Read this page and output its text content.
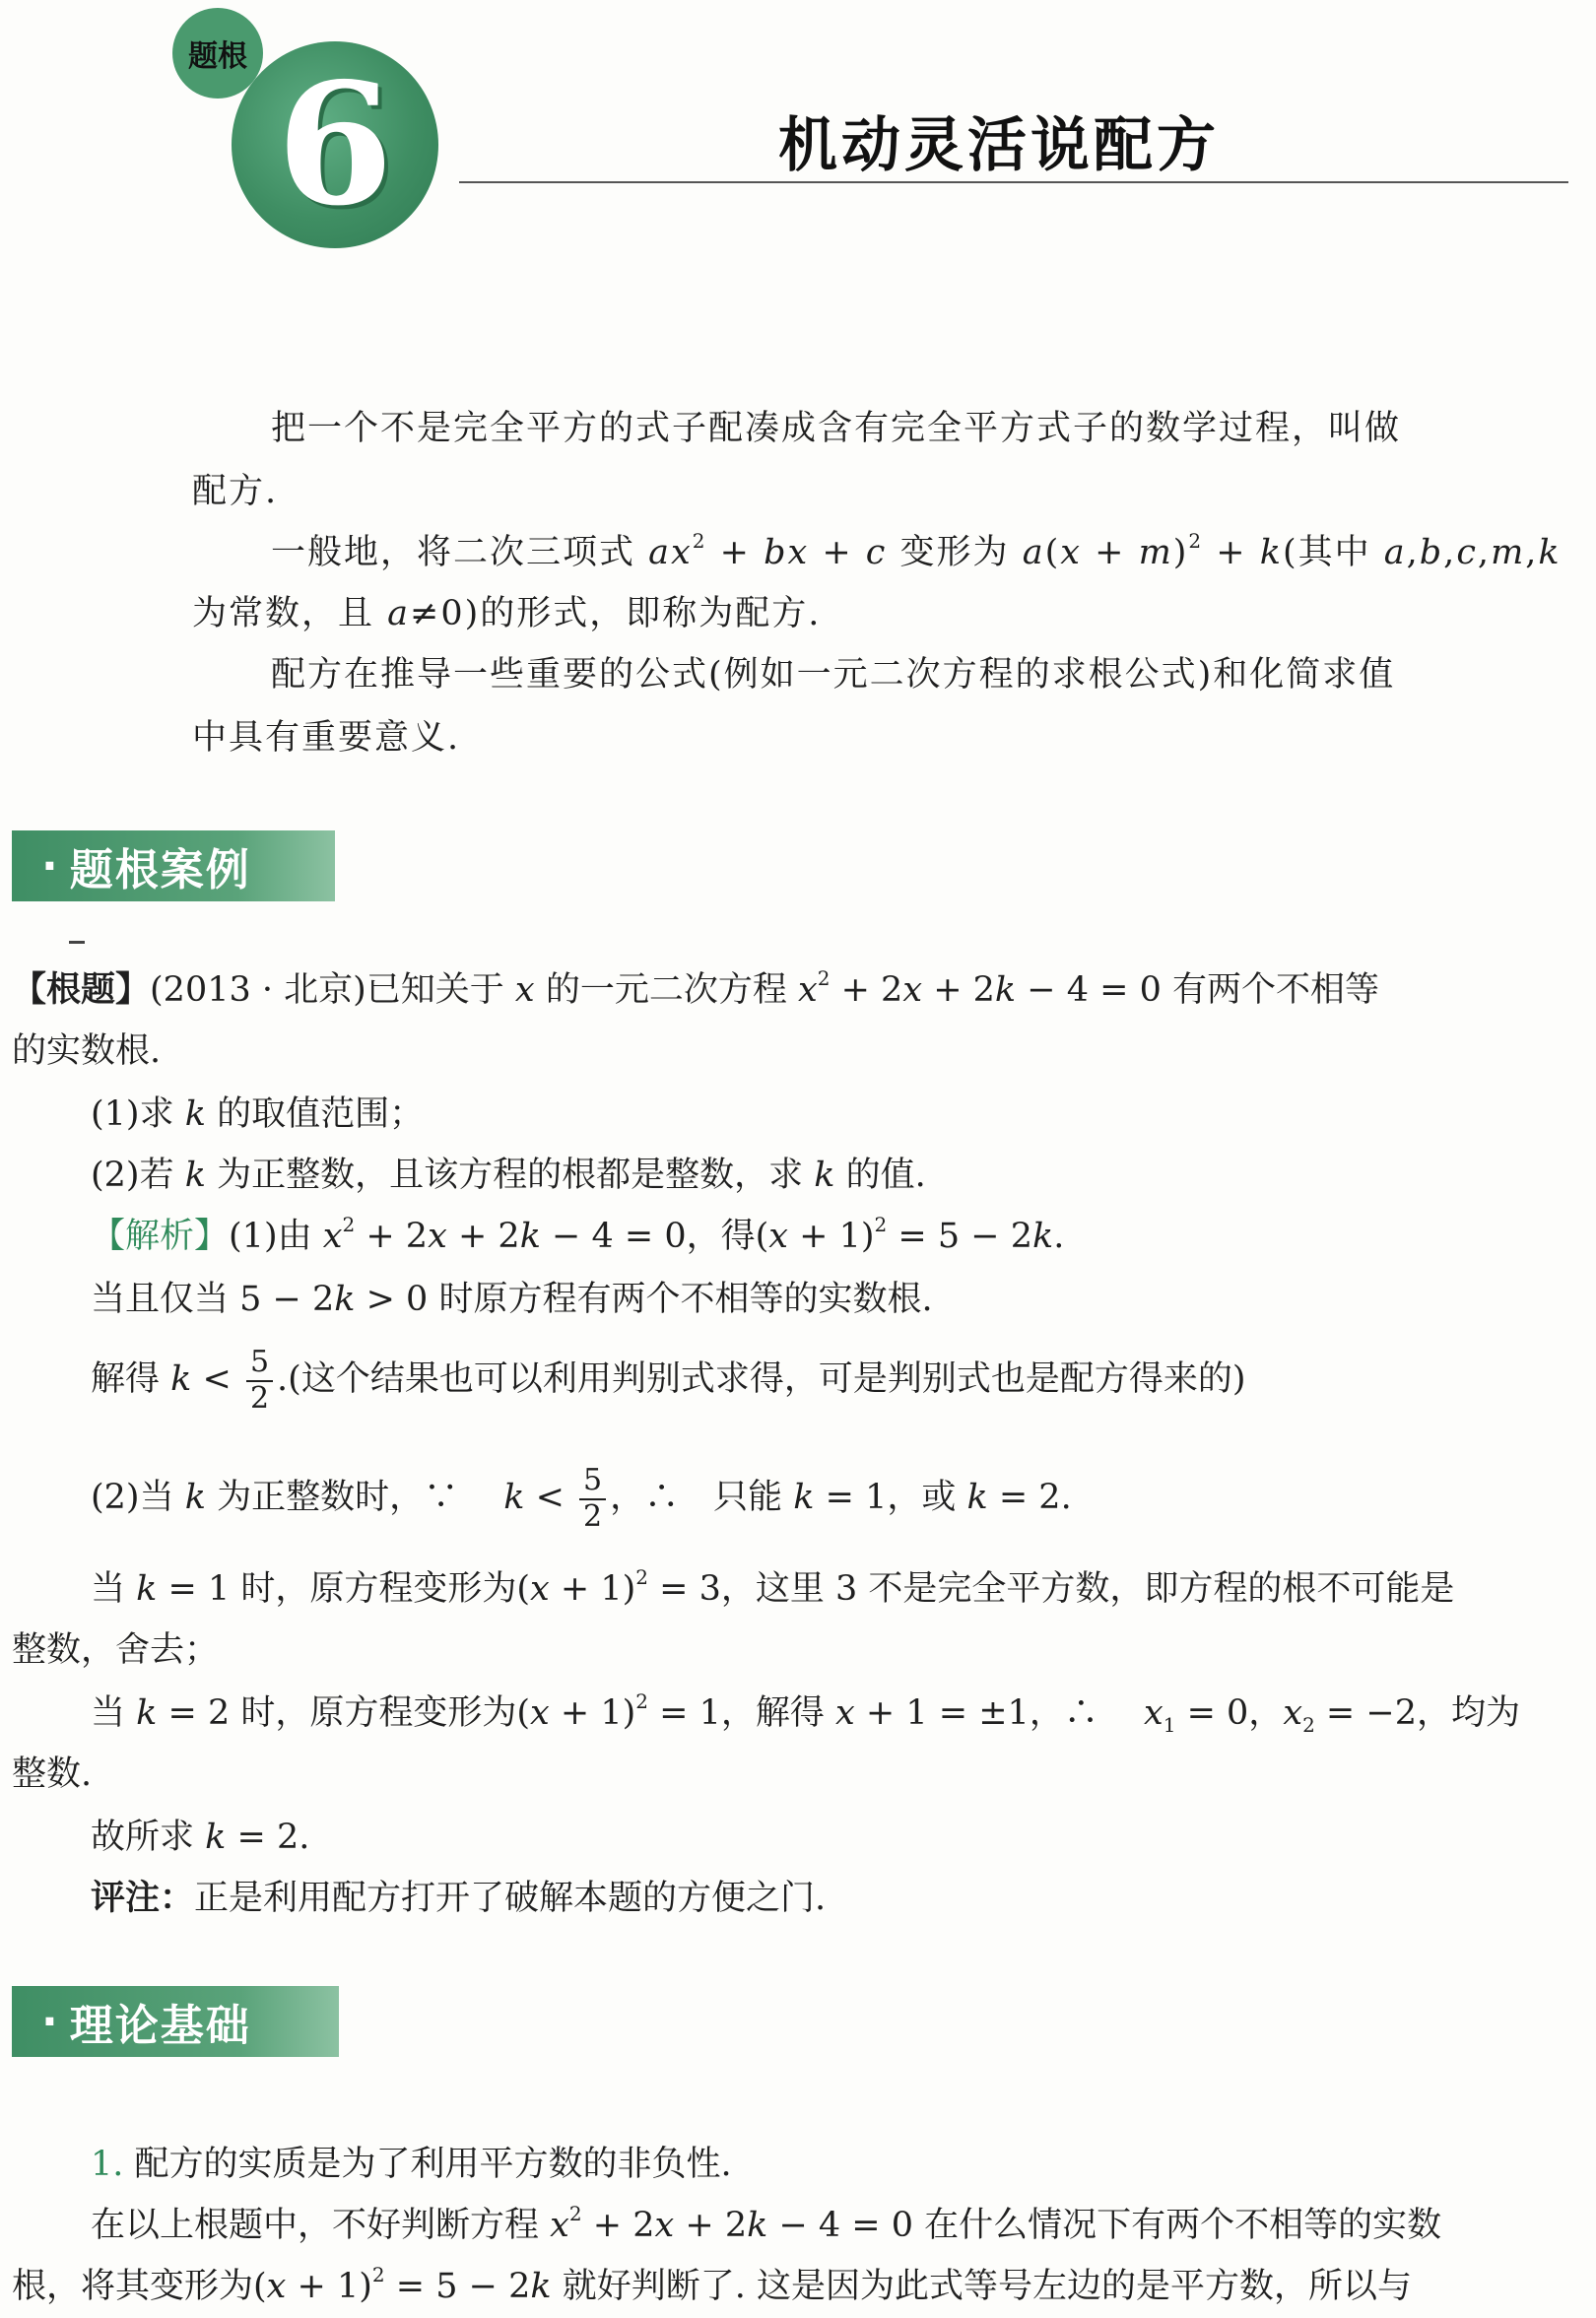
题根 6	机动灵活说配方
把一个不是完全平方的式子配凑成含有完全平方式子的数学过程，叫做
配方.
一般地，将二次三项式 $ax^2$ + bx + c 变形为 $a(x + m)^2 + k$(其中 a,b,c,m,k
为常数，且 a≠0)的形式，即称为配方.
配方在推导一些重要的公式(例如一元二次方程的求根公式)和化简求值
中具有重要意义.
· 题根案例
【根题】(2013 · 北京)已知关于 x 的一元二次方程 $x^2 + 2x + 2k - 4 = 0$ 有两个不相等
的实数根.
(1)求 k 的取值范围；
(2)若 k 为正整数，且该方程的根都是整数，求 k 的值.
【解析】(1)由 $x^2 + 2x + 2k - 4 = 0$，得$(x + 1)^2 = 5 - 2k$.
当且仅当 5 − 2k > 0 时原方程有两个不相等的实数根.
解得 $k < \frac{5}{2}$ .(这个结果也可以利用判别式求得，可是判别式也是配方得来的)
(2)当 k 为正整数时，∵　 $k < \frac{5}{2}$ ，∴　只能 k = 1，或 k = 2.
当 k = 1 时，原方程变形为$(x + 1)^2 = 3$，这里 3 不是完全平方数，即方程的根不可能是
整数，舍去；
当 k = 2 时，原方程变形为$(x + 1)^2 = 1$，解得 x + 1 = ±1，∴　 $x_1 = 0$，$x_2 = -2$，均为
整数.
故所求 k = 2.
评注：正是利用配方打开了破解本题的方便之门.
· 理论基础
1. 配方的实质是为了利用平方数的非负性.
在以上根题中，不好判断方程 $x^2 + 2x + 2k - 4 = 0$ 在什么情况下有两个不相等的实数
根，将其变形为$(x + 1)^2 = 5 - 2k$ 就好判断了. 这是因为此式等号左边的是平方数，所以与
